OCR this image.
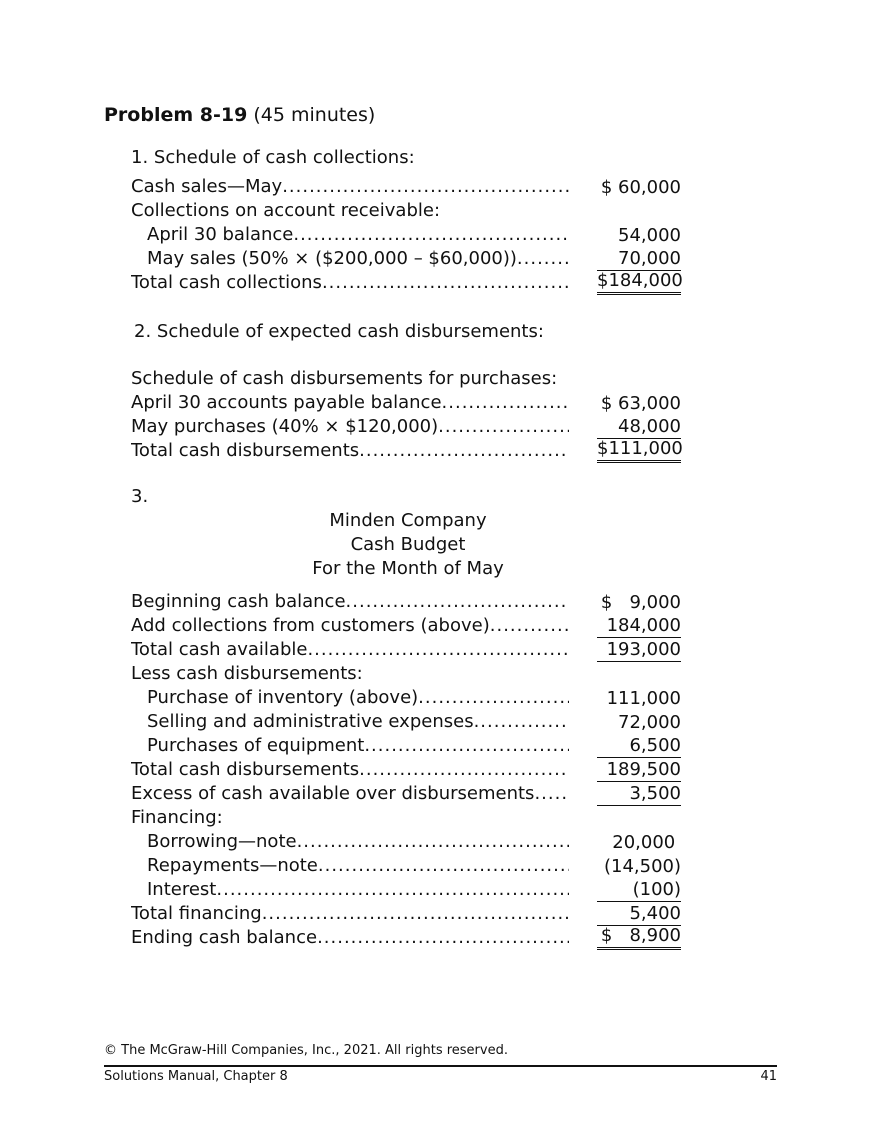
Problem 8-19 (45 minutes)
1. Schedule of cash collections:
Cash sales—May .....	$ 60,000
Collections on account receivable:
April 30 balance .....	54,000
May sales (50% × ($200,000 – $60,000)) .....	70,000
Total cash collections .....	$184,000
2. Schedule of expected cash disbursements:
Schedule of cash disbursements for purchases:
April 30 accounts payable balance .....	$ 63,000
May purchases (40% × $120,000) .....	48,000
Total cash disbursements .....	$111,000
3.
Minden Company
Cash Budget
For the Month of May
Beginning cash balance .....	$   9,000
Add collections from customers (above) .....	184,000
Total cash available .....	193,000
Less cash disbursements:
Purchase of inventory (above) .....	111,000
Selling and administrative expenses .....	72,000
Purchases of equipment .....	6,500
Total cash disbursements .....	189,500
Excess of cash available over disbursements .....	3,500
Financing:
Borrowing—note .....	20,000
Repayments—note .....	(14,500)
Interest .....	(100)
Total financing .....	5,400
Ending cash balance .....	$   8,900
© The McGraw-Hill Companies, Inc., 2021. All rights reserved.
Solutions Manual, Chapter 8	41
